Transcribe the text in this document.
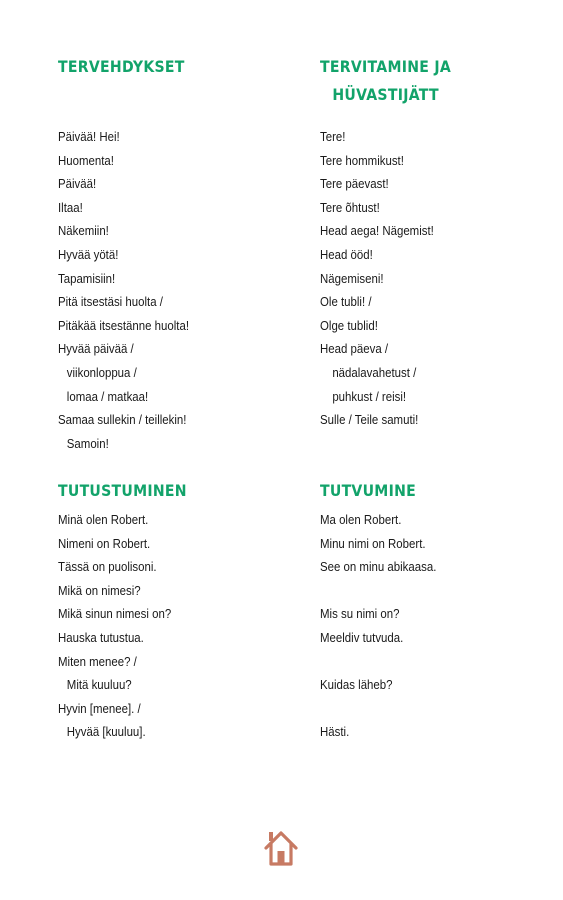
TERVEHDYKSET
Päivää! Hei!
Huomenta!
Päivää!
Iltaa!
Näkemiin!
Hyvää yötä!
Tapamisiin!
Pitä itsestäsi huolta /
Pitäkää itsestänne huolta!
Hyvää päivää /
viikonloppua /
lomaa / matkaa!
Samaa sullekin / teillekin!
Samoin!
TERVITAMINE JA
HÜVASTIJÄTT
Tere!
Tere hommikust!
Tere päevast!
Tere õhtust!
Head aega! Nägemist!
Head ööd!
Nägemiseni!
Ole tubli! /
Olge tublid!
Head päeva /
nädalavahetust /
puhkust / reisi!
Sulle / Teile samuti!
TUTUSTUMINEN
Minä olen Robert.
Nimeni on Robert.
Tässä on puolisoni.
Mikä on nimesi?
Mikä sinun nimesi on?
Hauska tutustua.
Miten menee? /
Mitä kuuluu?
Hyvin [menee]. /
Hyvää [kuuluu].
TUTVUMINE
Ma olen Robert.
Minu nimi on Robert.
See on minu abikaasa.
Mis su nimi on?
Meeldiv tutvuda.
Kuidas läheb?
Hästi.
